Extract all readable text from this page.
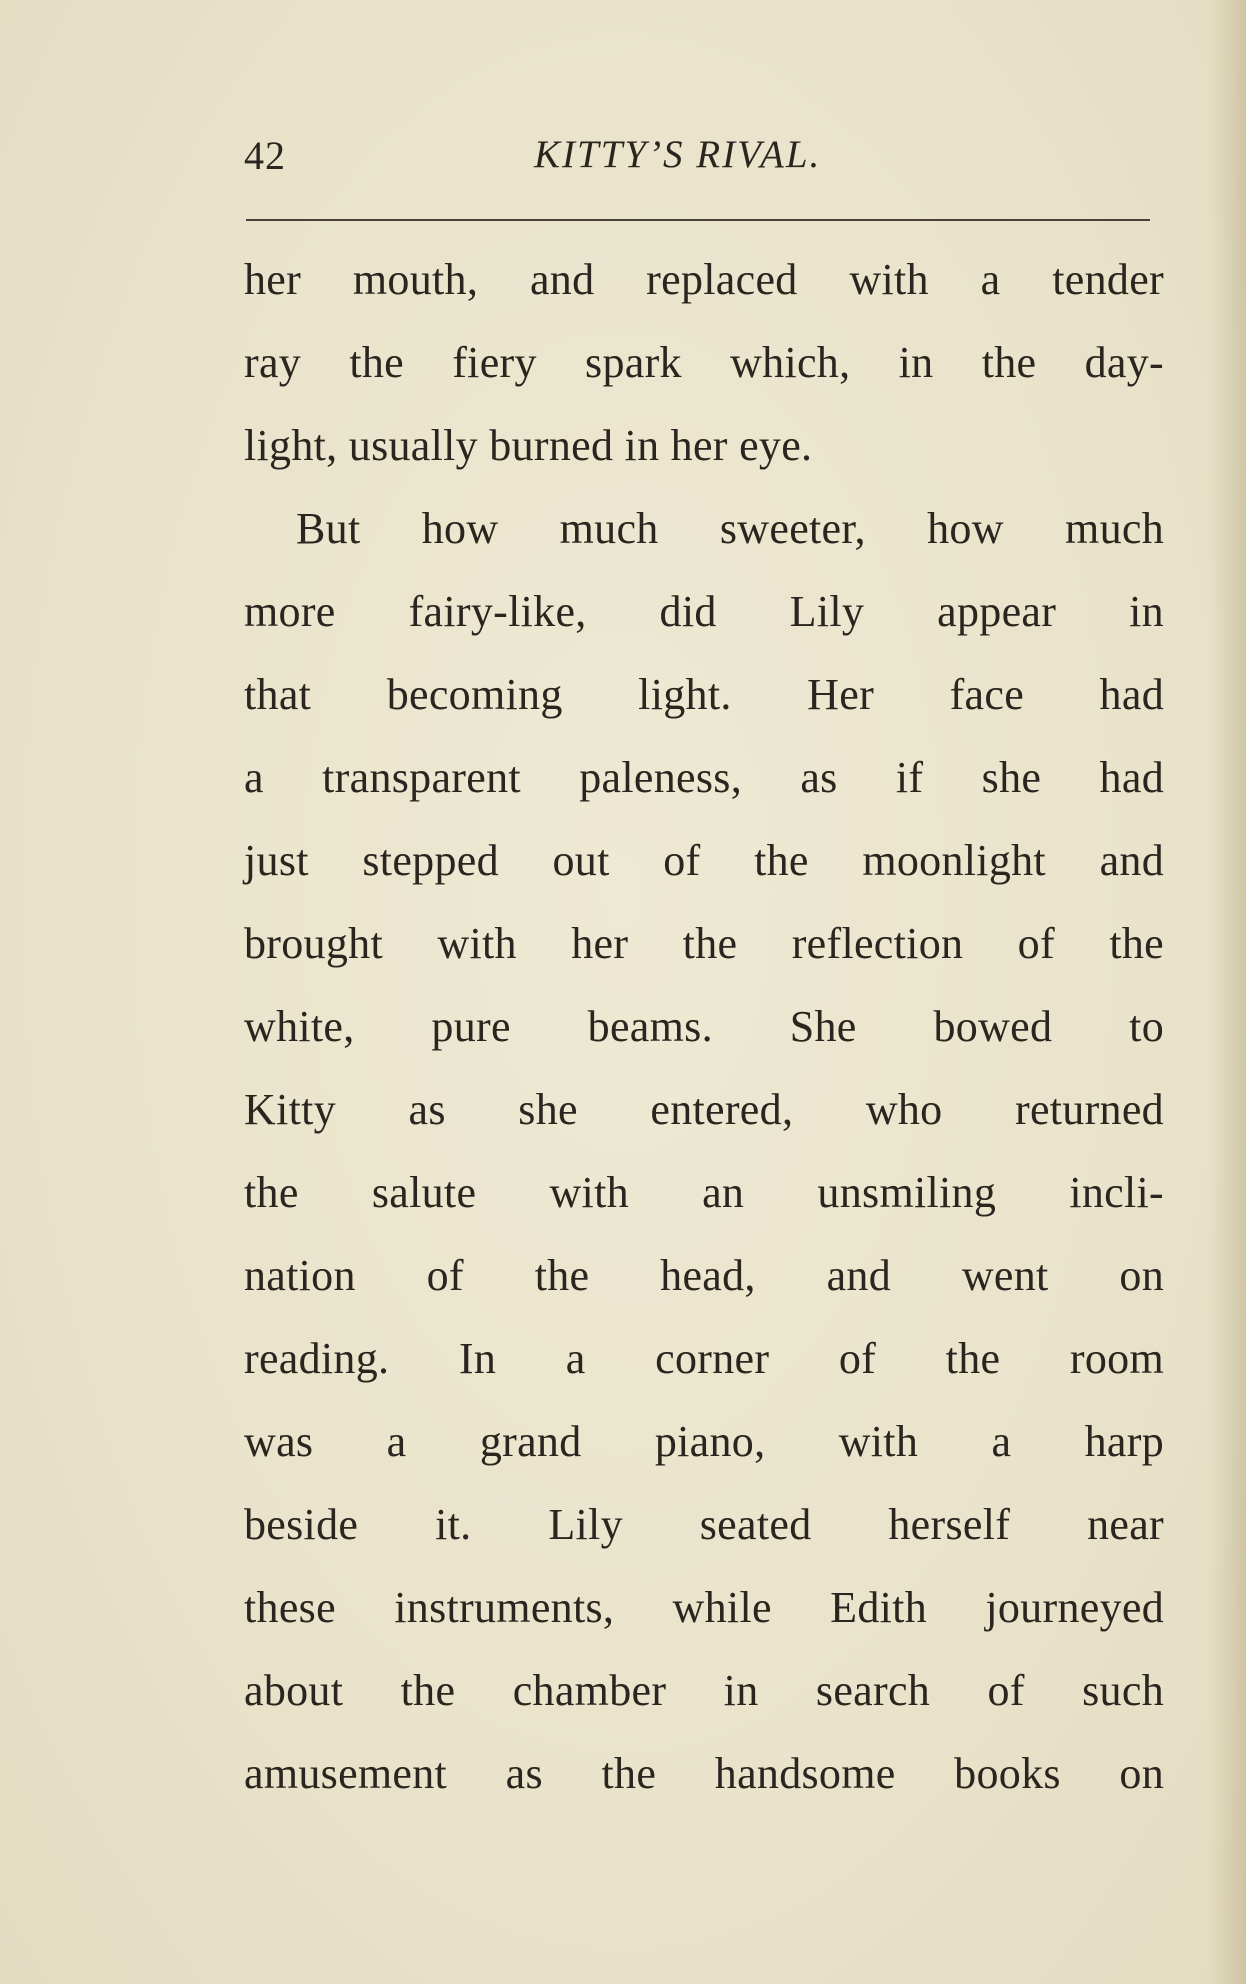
42	KITTY’S RIVAL.
her mouth, and replaced with a tender
ray the fiery spark which, in the day-
light, usually burned in her eye.
But how much sweeter, how much
more fairy-like, did Lily appear in
that becoming light. Her face had
a transparent paleness, as if she had
just stepped out of the moonlight and
brought with her the reflection of the
white, pure beams. She bowed to
Kitty as she entered, who returned
the salute with an unsmiling incli-
nation of the head, and went on
reading. In a corner of the room
was a grand piano, with a harp
beside it. Lily seated herself near
these instruments, while Edith journeyed
about the chamber in search of such
amusement as the handsome books on
